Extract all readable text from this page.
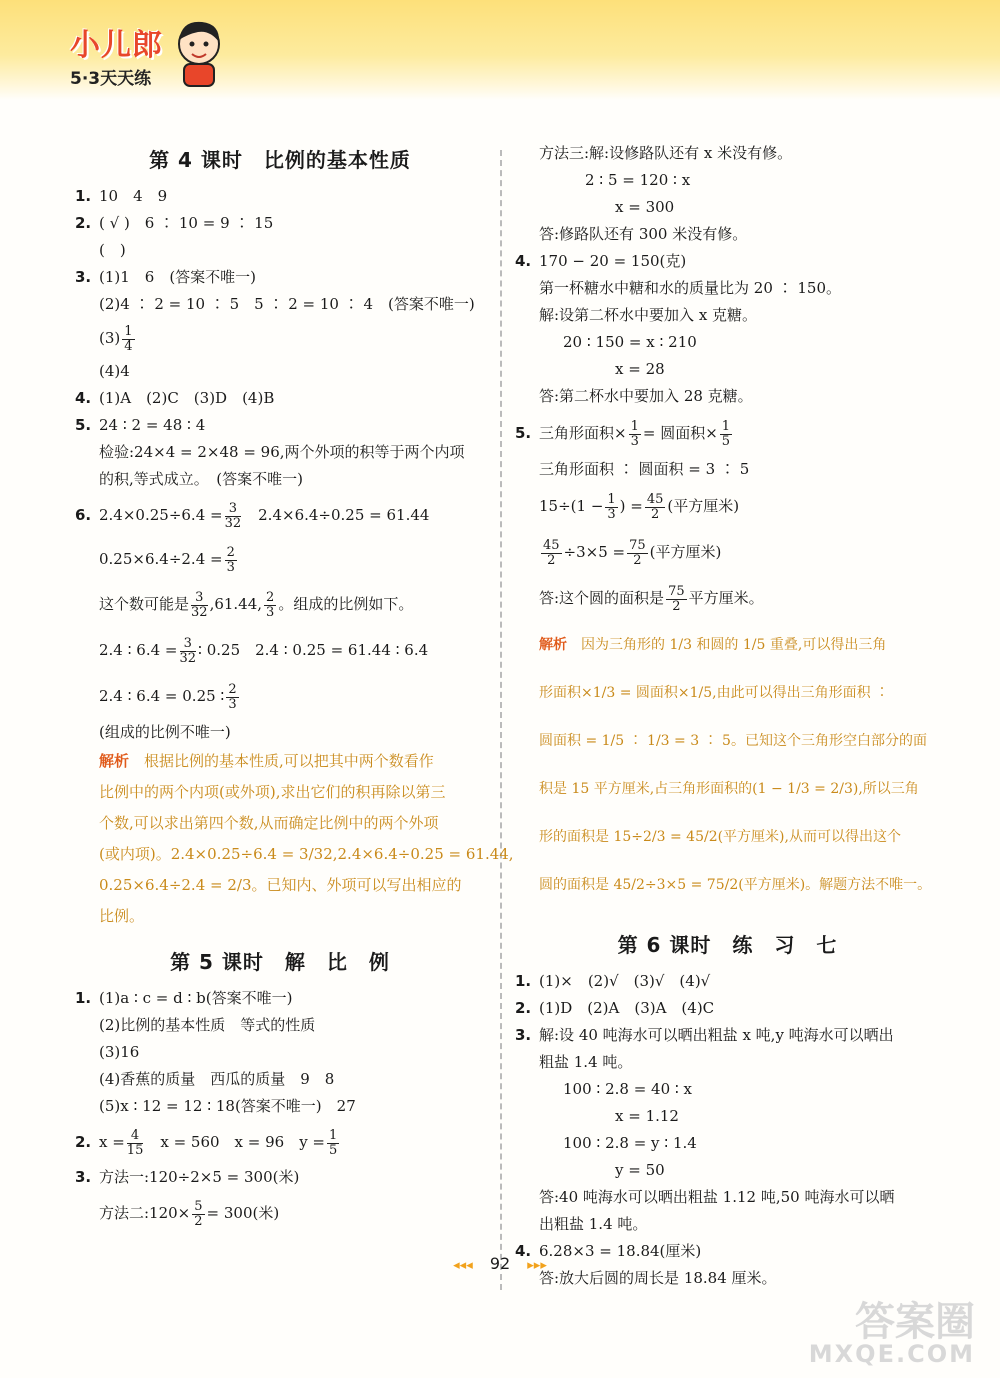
小儿郎
5·3天天练
第 4 课时　比例的基本性质
1. 10　4　9
2. ( √ )　6 ∶ 10 = 9 ∶ 15
(　)
3. (1)1　6　(答案不唯一)
(2)4 ∶ 2 = 10 ∶ 5　5 ∶ 2 = 10 ∶ 4　(答案不唯一)
$(3) \frac{1}{4}$
(4)4
4. (1)A　(2)C　(3)D　(4)B
5. 24 ∶ 2 = 48 ∶ 4
检验:24×4 = 2×48 = 96,两个外项的积等于两个内项
的积,等式成立。　(答案不唯一)
6. $2.4\times 0.25\div 6.4 = \frac{3}{32}$ 　2.4×6.4÷0.25 = 61.44
$0.25\times 6.4\div 2.4 = \frac{2}{3}$
这个数可能是 $\frac{3}{32} ,61.44$, $\frac{2}{3}$ 。组成的比例如下。
2.4 ∶ $6.4 = \frac{3}{32}$ ∶ 0.25　2.4 ∶ 0.25 = 61.44 ∶ 6.4
2.4 ∶ 6.4 = 0.25 ∶ $\frac{2}{3}$
(组成的比例不唯一)
解析　 根据比例的基本性质,可以把其中两个数看作
比例中的两个内项(或外项),求出它们的积再除以第三
个数,可以求出第四个数,从而确定比例中的两个外项
(或内项)。2.4×0.25÷6.4 = 3/32,2.4×6.4÷0.25 = 61.44,
0.25×6.4÷2.4 = 2/3。已知内、外项可以写出相应的
比例。
第 5 课时　解　比　例
1. (1)a ∶ c = d ∶ b(答案不唯一)
(2)比例的基本性质　等式的性质
(3)16
(4)香蕉的质量　西瓜的质量　9　8
(5)x ∶ 12 = 12 ∶ 18(答案不唯一)　27
2. $x = \frac{4}{15}$ 　x = 560　x = 96　$y = \frac{1}{5}$
3. 方法一:120÷2×5 = 300(米)
方法二:120× $\frac{5}{2} = 300$(米)
方法三:解:设修路队还有 x 米没有修。
2 ∶ 5 = 120 ∶ x
x = 300
答:修路队还有 300 米没有修。
4. 170 − 20 = 150(克)
第一杯糖水中糖和水的质量比为 20 ∶ 150。
解:设第二杯水中要加入 x 克糖。
20 ∶ 150 = x ∶ 210
x = 28
答:第二杯水中要加入 28 克糖。
5. 三角形面积× $\frac{1}{3}$ = 圆面积× $\frac{1}{5}$
三角形面积 ∶ 圆面积 = 3 ∶ 5
$15\div(1 - \frac{1}{3}$ ) = $\frac{45}{2}$ (平方厘米)
$\frac{45}{2} \div 3\times 5 = \frac{75}{2}$ (平方厘米)
答:这个圆的面积是 $\frac{75}{2}$ 平方厘米。
解析　 因为三角形的 1/3 和圆的 1/5 重叠,可以得出三角
形面积×1/3 = 圆面积×1/5,由此可以得出三角形面积 ∶
圆面积 = 1/5 ∶ 1/3 = 3 ∶ 5。已知这个三角形空白部分的面
积是 15 平方厘米,占三角形面积的(1 − 1/3 = 2/3),所以三角
形的面积是 15÷2/3 = 45/2(平方厘米),从而可以得出这个
圆的面积是 45/2÷3×5 = 75/2(平方厘米)。解题方法不唯一。
第 6 课时　练　习　七
1. (1)×　(2)√　(3)√　(4)√
2. (1)D　(2)A　(3)A　(4)C
3. 解:设 40 吨海水可以晒出粗盐 x 吨,y 吨海水可以晒出
粗盐 1.4 吨。
100 ∶ 2.8 = 40 ∶ x
x = 1.12
100 ∶ 2.8 = y ∶ 1.4
y = 50
答:40 吨海水可以晒出粗盐 1.12 吨,50 吨海水可以晒
出粗盐 1.4 吨。
4. 6.28×3 = 18.84(厘米)
答:放大后圆的周长是 18.84 厘米。
◂◂◂ 92 ▸▸▸
答案圈
MXQE.COM
